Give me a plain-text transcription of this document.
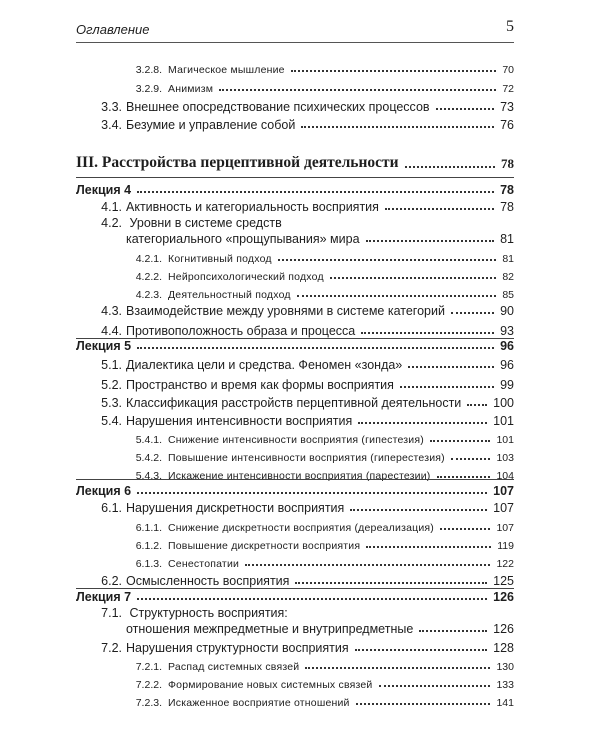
Оглавление	5
3.2.8. Магическое мышление	70
3.2.9. Анимизм	72
3.3. Внешнее опосредствование психических процессов	73
3.4. Безумие и управление собой	76
III. Расстройства перцептивной деятельности	78
Лекция 4	78
4.1. Активность и категориальность восприятия	78
4.2. Уровни в системе средств
категориального «прощупывания» мира	81
4.2.1. Когнитивный подход	81
4.2.2. Нейропсихологический подход	82
4.2.3. Деятельностный подход	85
4.3. Взаимодействие между уровнями в системе категорий	90
4.4. Противоположность образа и процесса	93
Лекция 5	96
5.1. Диалектика цели и средства. Феномен «зонда»	96
5.2. Пространство и время как формы восприятия	99
5.3. Классификация расстройств перцептивной деятельности	100
5.4. Нарушения интенсивности восприятия	101
5.4.1. Снижение интенсивности восприятия (гипестезия)	101
5.4.2. Повышение интенсивности восприятия (гиперестезия)	103
5.4.3. Искажение интенсивности восприятия (парестезии)	104
Лекция 6	107
6.1. Нарушения дискретности восприятия	107
6.1.1. Снижение дискретности восприятия (дереализация)	107
6.1.2. Повышение дискретности восприятия	119
6.1.3. Сенестопатии	122
6.2. Осмысленность восприятия	125
Лекция 7	126
7.1. Структурность восприятия:
отношения межпредметные и внутрипредметные	126
7.2. Нарушения структурности восприятия	128
7.2.1. Распад системных связей	130
7.2.2. Формирование новых системных связей	133
7.2.3. Искаженное восприятие отношений	141
